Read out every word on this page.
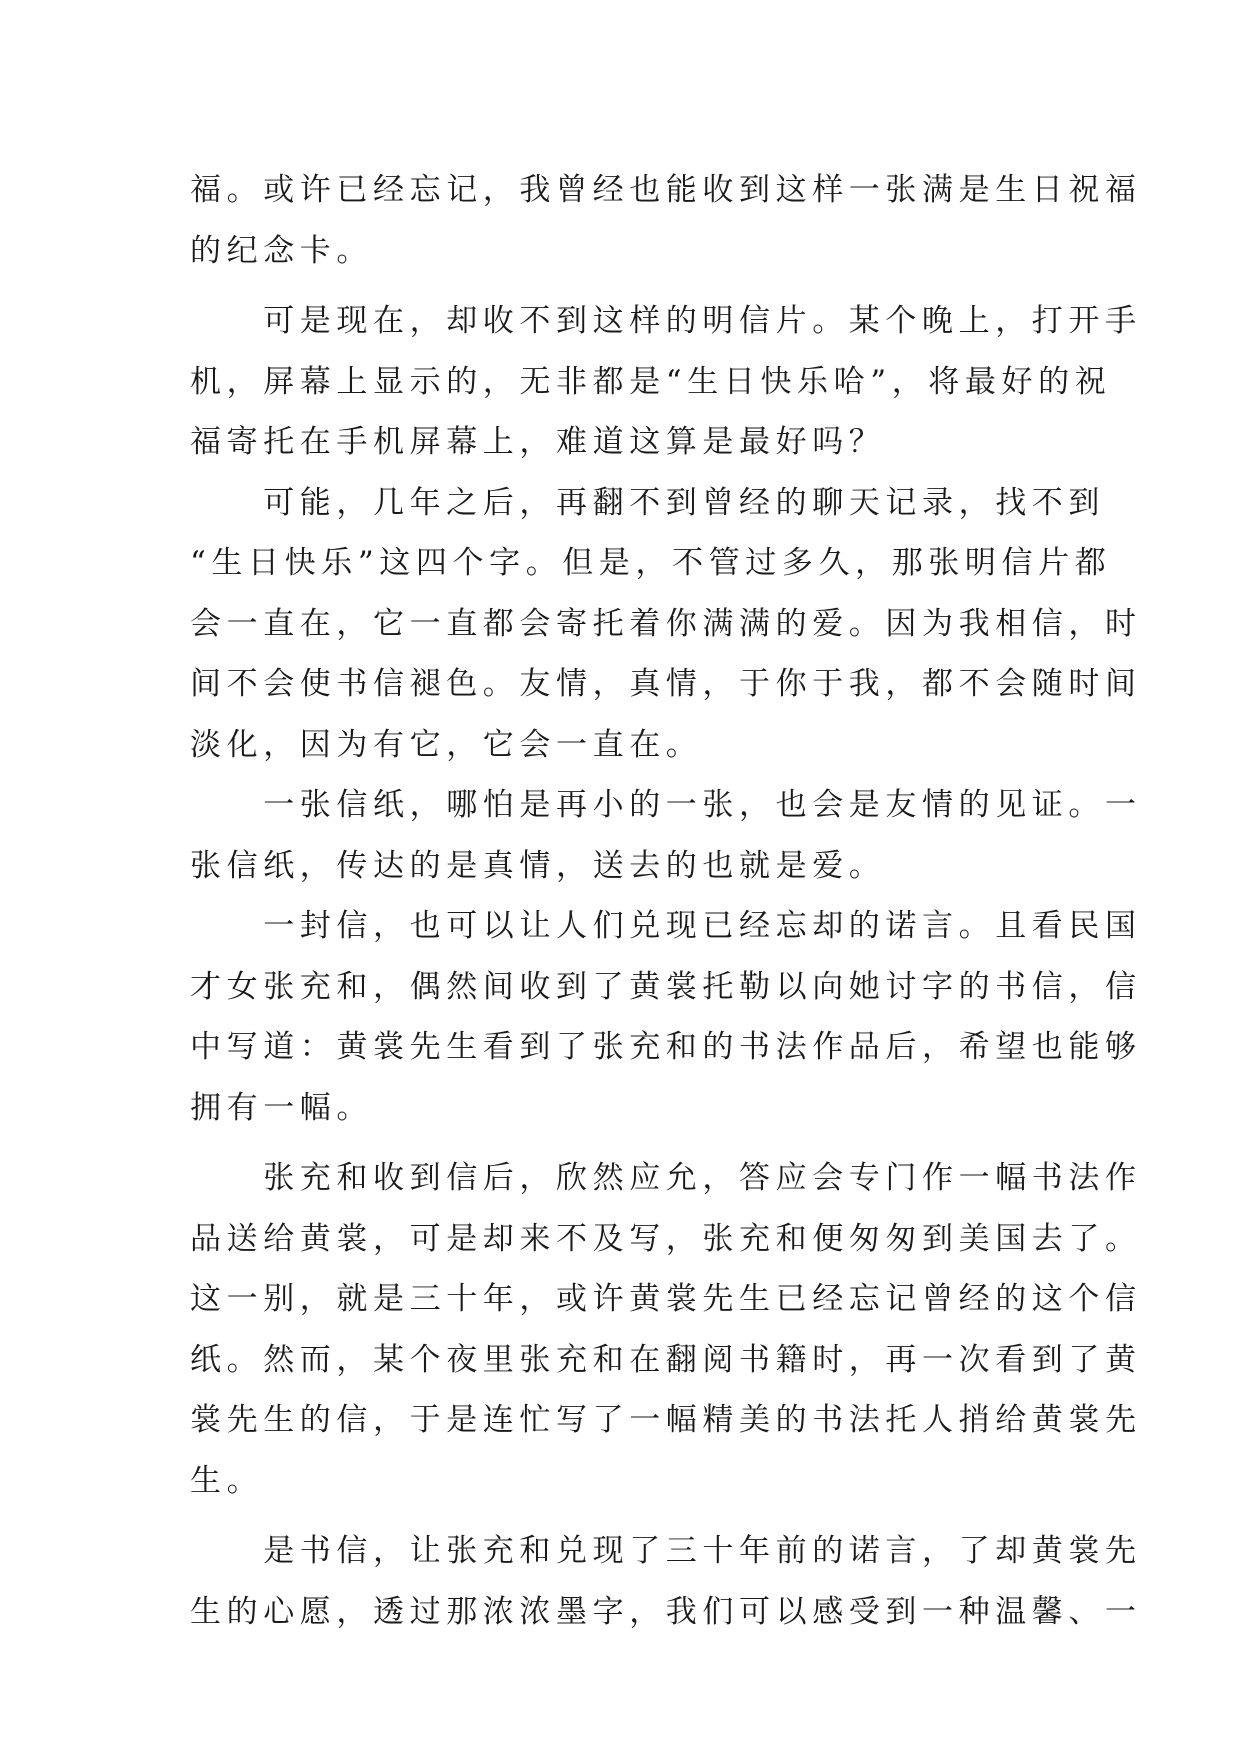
福。或许已经忘记，我曾经也能收到这样一张满是生日祝福
的纪念卡。
　　可是现在，却收不到这样的明信片。某个晚上，打开手
机，屏幕上显示的，无非都是“生日快乐哈”，将最好的祝
福寄托在手机屏幕上，难道这算是最好吗？
　　可能，几年之后，再翻不到曾经的聊天记录，找不到
“生日快乐”这四个字。但是，不管过多久，那张明信片都
会一直在，它一直都会寄托着你满满的爱。因为我相信，时
间不会使书信褪色。友情，真情，于你于我，都不会随时间
淡化，因为有它，它会一直在。
　　一张信纸，哪怕是再小的一张，也会是友情的见证。一
张信纸，传达的是真情，送去的也就是爱。
　　一封信，也可以让人们兑现已经忘却的诺言。且看民国
才女张充和，偶然间收到了黄裳托勒以向她讨字的书信，信
中写道：黄裳先生看到了张充和的书法作品后，希望也能够
拥有一幅。
　　张充和收到信后，欣然应允，答应会专门作一幅书法作
品送给黄裳，可是却来不及写，张充和便匆匆到美国去了。
这一别，就是三十年，或许黄裳先生已经忘记曾经的这个信
纸。然而，某个夜里张充和在翻阅书籍时，再一次看到了黄
裳先生的信，于是连忙写了一幅精美的书法托人捎给黄裳先
生。
　　是书信，让张充和兑现了三十年前的诺言，了却黄裳先
生的心愿，透过那浓浓墨字，我们可以感受到一种温馨、一
